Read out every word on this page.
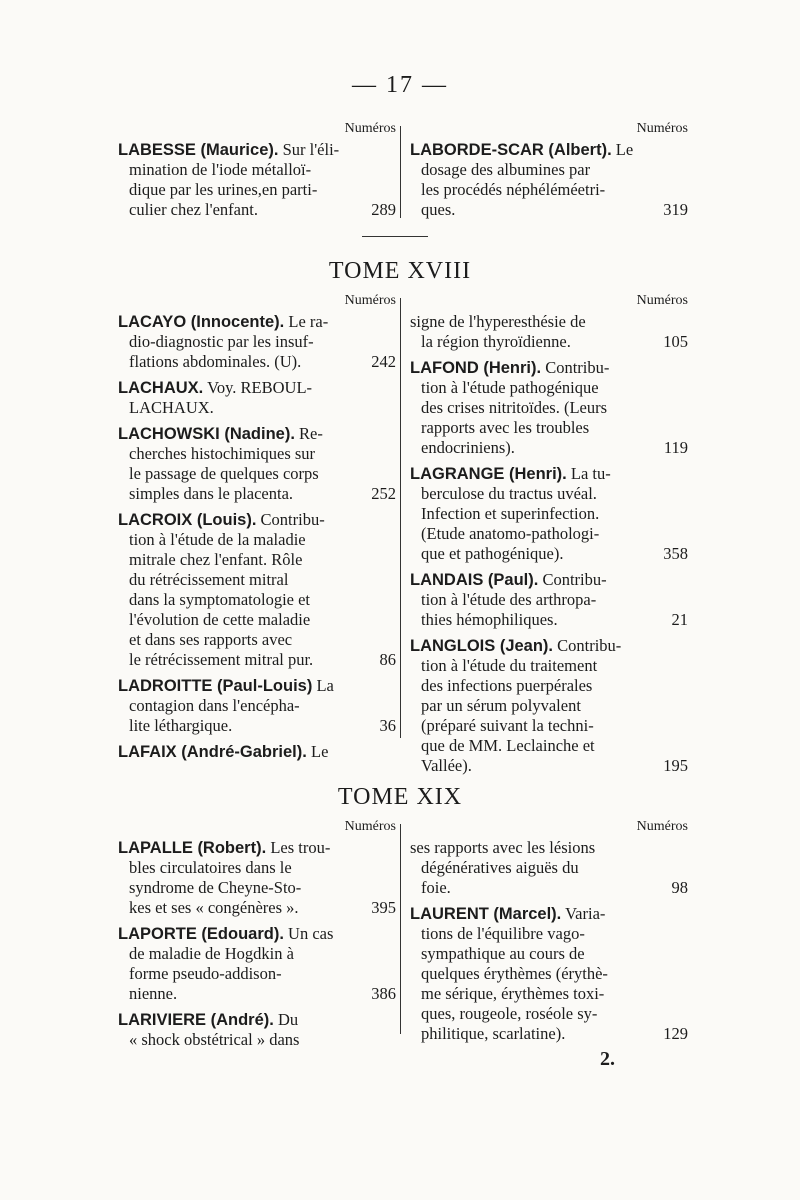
— 17 —
Numéros

LABESSE (Maurice). Sur l'éli-

mination de l'iode métalloï-

dique par les urines,en parti-

289
culier chez l'enfant.

Numéros

LABORDE-SCAR (Albert). Le

dosage des albumines par

les procédés néphéléméetri-

319
ques.

TOME XVIII
Numéros

LACAYO (Innocente). Le ra-

dio-diagnostic par les insuf-

242
flations abdominales. (U).

LACHAUX. Voy. REBOUL-

LACHAUX.

LACHOWSKI (Nadine). Re-

cherches histochimiques sur

le passage de quelques corps

252
simples dans le placenta.

LACROIX (Louis). Contribu-

tion à l'étude de la maladie

mitrale chez l'enfant. Rôle

du rétrécissement mitral

dans la symptomatologie et

l'évolution de cette maladie

et dans ses rapports avec

86
le rétrécissement mitral pur.

LADROITTE (Paul-Louis) La

contagion dans l'encépha-

36
lite léthargique.

LAFAIX (André-Gabriel). Le

Numéros

signe de l'hyperesthésie de

105
la région thyroïdienne.

LAFOND (Henri). Contribu-

tion à l'étude pathogénique

des crises nitritoïdes. (Leurs

rapports avec les troubles

119
endocriniens).

LAGRANGE (Henri). La tu-

berculose du tractus uvéal.

Infection et superinfection.

(Etude anatomo-pathologi-

358
que et pathogénique).

LANDAIS (Paul). Contribu-

tion à l'étude des arthropa-

21
thies hémophiliques.

LANGLOIS (Jean). Contribu-

tion à l'étude du traitement

des infections puerpérales

par un sérum polyvalent

(préparé suivant la techni-

que de MM. Leclainche et

195
Vallée).

TOME XIX
Numéros

LAPALLE (Robert). Les trou-

bles circulatoires dans le

syndrome de Cheyne-Sto-

395
kes et ses « congénères ».

LAPORTE (Edouard). Un cas

de maladie de Hogdkin à

forme pseudo-addison-

386
nienne.

LARIVIERE (André). Du

« shock obstétrical » dans

Numéros

ses rapports avec les lésions

dégénératives aiguës du

98
foie.

LAURENT (Marcel). Varia-

tions de l'équilibre vago-

sympathique au cours de

quelques érythèmes (érythè-

me sérique, érythèmes toxi-

ques, rougeole, roséole sy-

129
philitique, scarlatine).

2.
